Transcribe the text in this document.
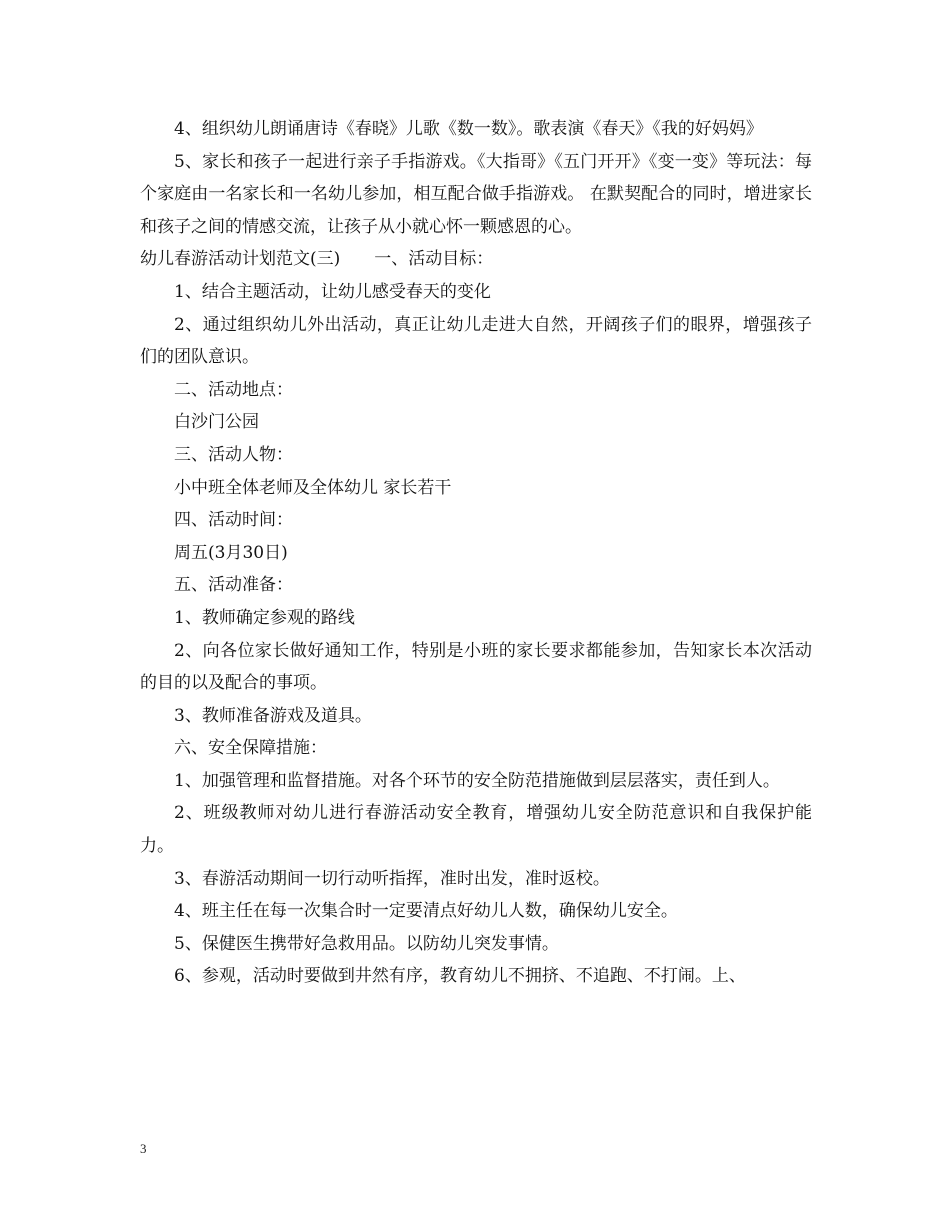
4、组织幼儿朗诵唐诗《春晓》儿歌《数一数》。歌表演《春天》《我的好妈妈》

5、家长和孩子一起进行亲子手指游戏。《大指哥》《五门开开》《变一变》等玩法：每个家庭由一名家长和一名幼儿参加，相互配合做手指游戏。 在默契配合的同时，增进家长和孩子之间的情感交流，让孩子从小就心怀一颗感恩的心。

幼儿春游活动计划范文(三)　　一、活动目标：

1、结合主题活动，让幼儿感受春天的变化

2、通过组织幼儿外出活动，真正让幼儿走进大自然，开阔孩子们的眼界，增强孩子们的团队意识。

二、活动地点：

白沙门公园

三、活动人物：

小中班全体老师及全体幼儿 家长若干

四、活动时间：

周五(3月30日)

五、活动准备：

1、教师确定参观的路线

2、向各位家长做好通知工作，特别是小班的家长要求都能参加，告知家长本次活动的目的以及配合的事项。

3、教师准备游戏及道具。

六、安全保障措施：

1、加强管理和监督措施。对各个环节的安全防范措施做到层层落实，责任到人。

2、班级教师对幼儿进行春游活动安全教育，增强幼儿安全防范意识和自我保护能力。

3、春游活动期间一切行动听指挥，准时出发，准时返校。

4、班主任在每一次集合时一定要清点好幼儿人数，确保幼儿安全。

5、保健医生携带好急救用品。以防幼儿突发事情。

6、参观，活动时要做到井然有序，教育幼儿不拥挤、不追跑、不打闹。上、

3
